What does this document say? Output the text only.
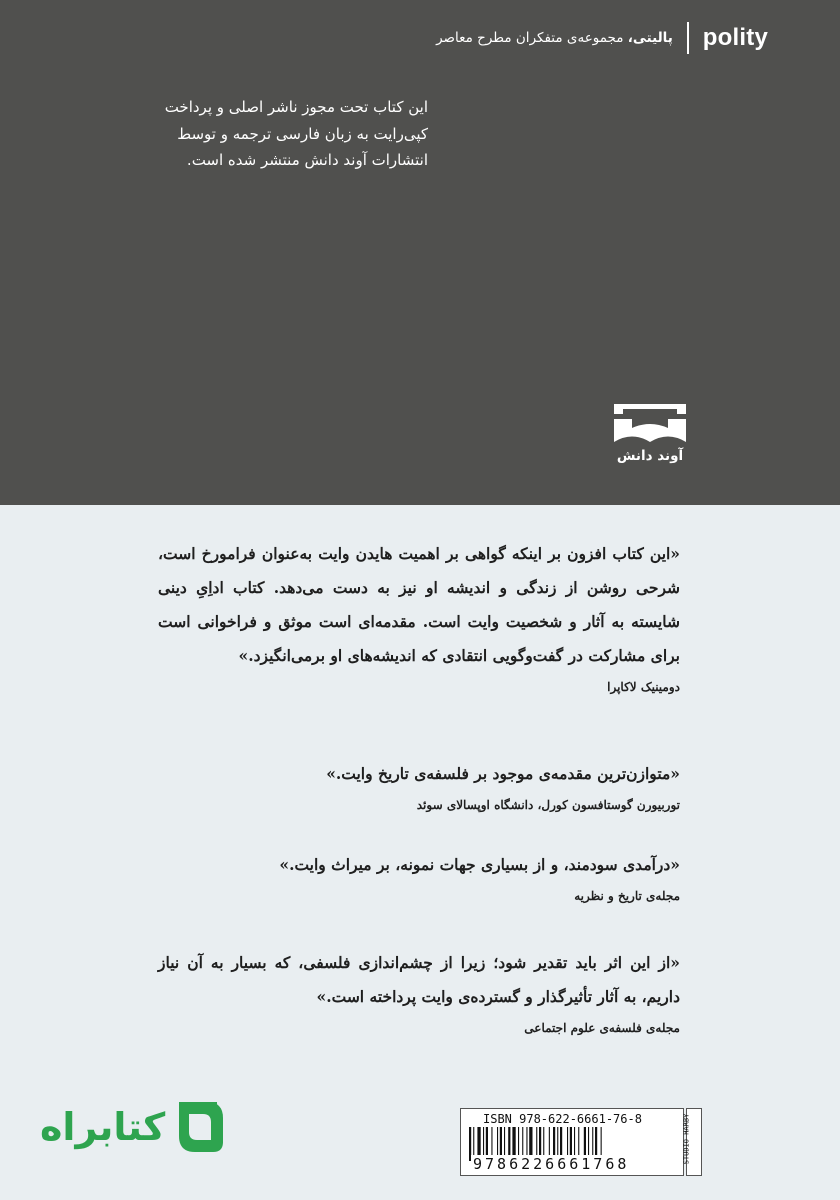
پالیتی، مجموعه‌ی متفکران مطرح معاصر	polity
این کتاب تحت مجوز ناشر اصلی و پرداخت کپی‌رایت به زبان فارسی ترجمه و توسط انتشارات آوند دانش منتشر شده است.
آوند دانش
«این کتاب افزون بر اینکه گواهی بر اهمیت هایدن وایت به‌عنوان فرامورخ است، شرحی روشن از زندگی و اندیشه او نیز به دست می‌دهد. کتاب اداِیِ دینی شایسته به آثار و شخصیت وایت است. مقدمه‌ای است موثق و فراخوانی است برای مشارکت در گفت‌وگویی انتقادی که اندیشه‌های او برمی‌انگیزد.»
دومینیک لاکاپرا
«متوازن‌ترین مقدمه‌ی موجود بر فلسفه‌ی تاریخ وایت.»
توربیورن گوستافسون کورل، دانشگاه اوپسالای سوئد
«درآمدی سودمند، و از بسیاری جهات نمونه، بر میراث وایت.»
مجله‌ی تاریخ و نظریه
«از این اثر باید تقدیر شود؛ زیرا از چشم‌اندازی فلسفی، که بسیار به آن نیاز داریم، به آثار تأثیرگذار و گسترده‌ی وایت پرداخته است.»
مجله‌ی فلسفه‌ی علوم اجتماعی
کتابراه	ISBN 978-622-6661-76-8
9786226661768	STUDIO HARBY
